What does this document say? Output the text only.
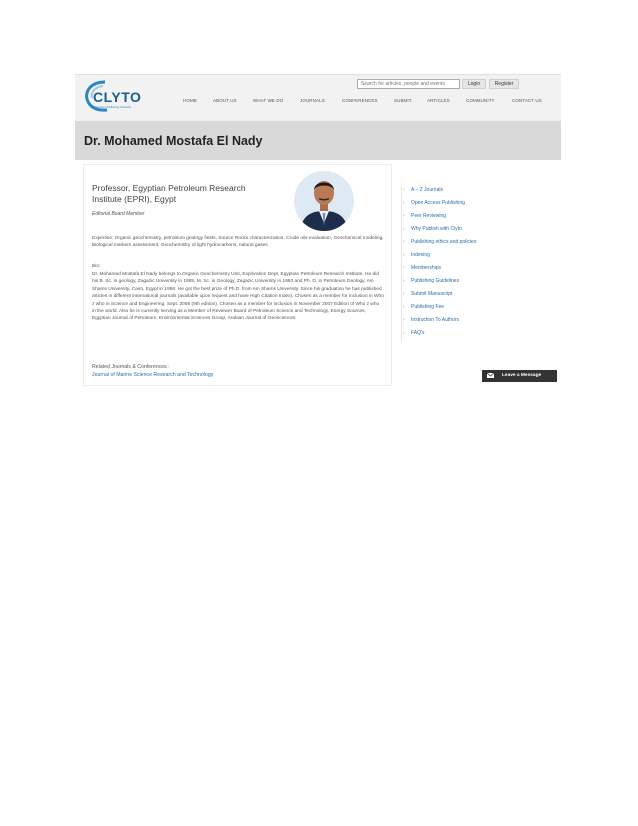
CLYTO
Access Publishing Network
Search for articles, people and events
Login	Register
HOME	ABOUT US	WHAT WE DO	JOURNALS	CONFERENCES	SUBMIT	ARTICLES	COMMUNITY	CONTACT US
Dr. Mohamed Mostafa El Nady
Professor, Egyptian Petroleum Research Institute (EPRI), Egypt
Editorial Board Member
Expertise: Organic geochemistry, petroleum geology fields, Source Rocks characterization, Crude oils evaluation, Geochemical modeling, Biological markers assessment, Geochemistry of light hydrocarbons, natural gases
Bio:
Dr. Mohamed Mostafa El Nady belongs to Organic Geochemistry Unit, Exploration Dept, Egyptian Petroleum Research Institute. He did his B. Sc. in geology, Zagazic University in 1985, M. Sc. in Geology, Zagazic University in 1993 and Ph. D. in Petroleum Geology, Ain Shams University, Cairo, Egypt in 1998. He got the best prize of Ph.D. from Ain Shams University. Since his graduation he has published articles in different international journals (available upon request and have High Citation Index). Chosen as a member for inclusion in Who z who in Science and Engineering, Sept. 2006 (9th edition), Chosen as a member for inclusion in November 2007 Edition of Who z who in the world. Also he is currently serving as a Member of Reviewer Board of Petroleum Science and Technology, Energy Sources, Egyptian Journal of Petroleum, Environmental Sciences Group, Arabian Journal of Geosciences
Related Journals & Conferences :
Journal of Marine Science Research and Technology
› A – Z Journals
› Open Access Publishing
› Peer Reviewing
› Why Publish with Clyto
› Publishing ethics and policies
› Indexing
› Memberships
› Publishing Guidelines
› Submit Manuscript
› Publishing Fee
› Instruction To Authors
› FAQ's
Leave a Message
